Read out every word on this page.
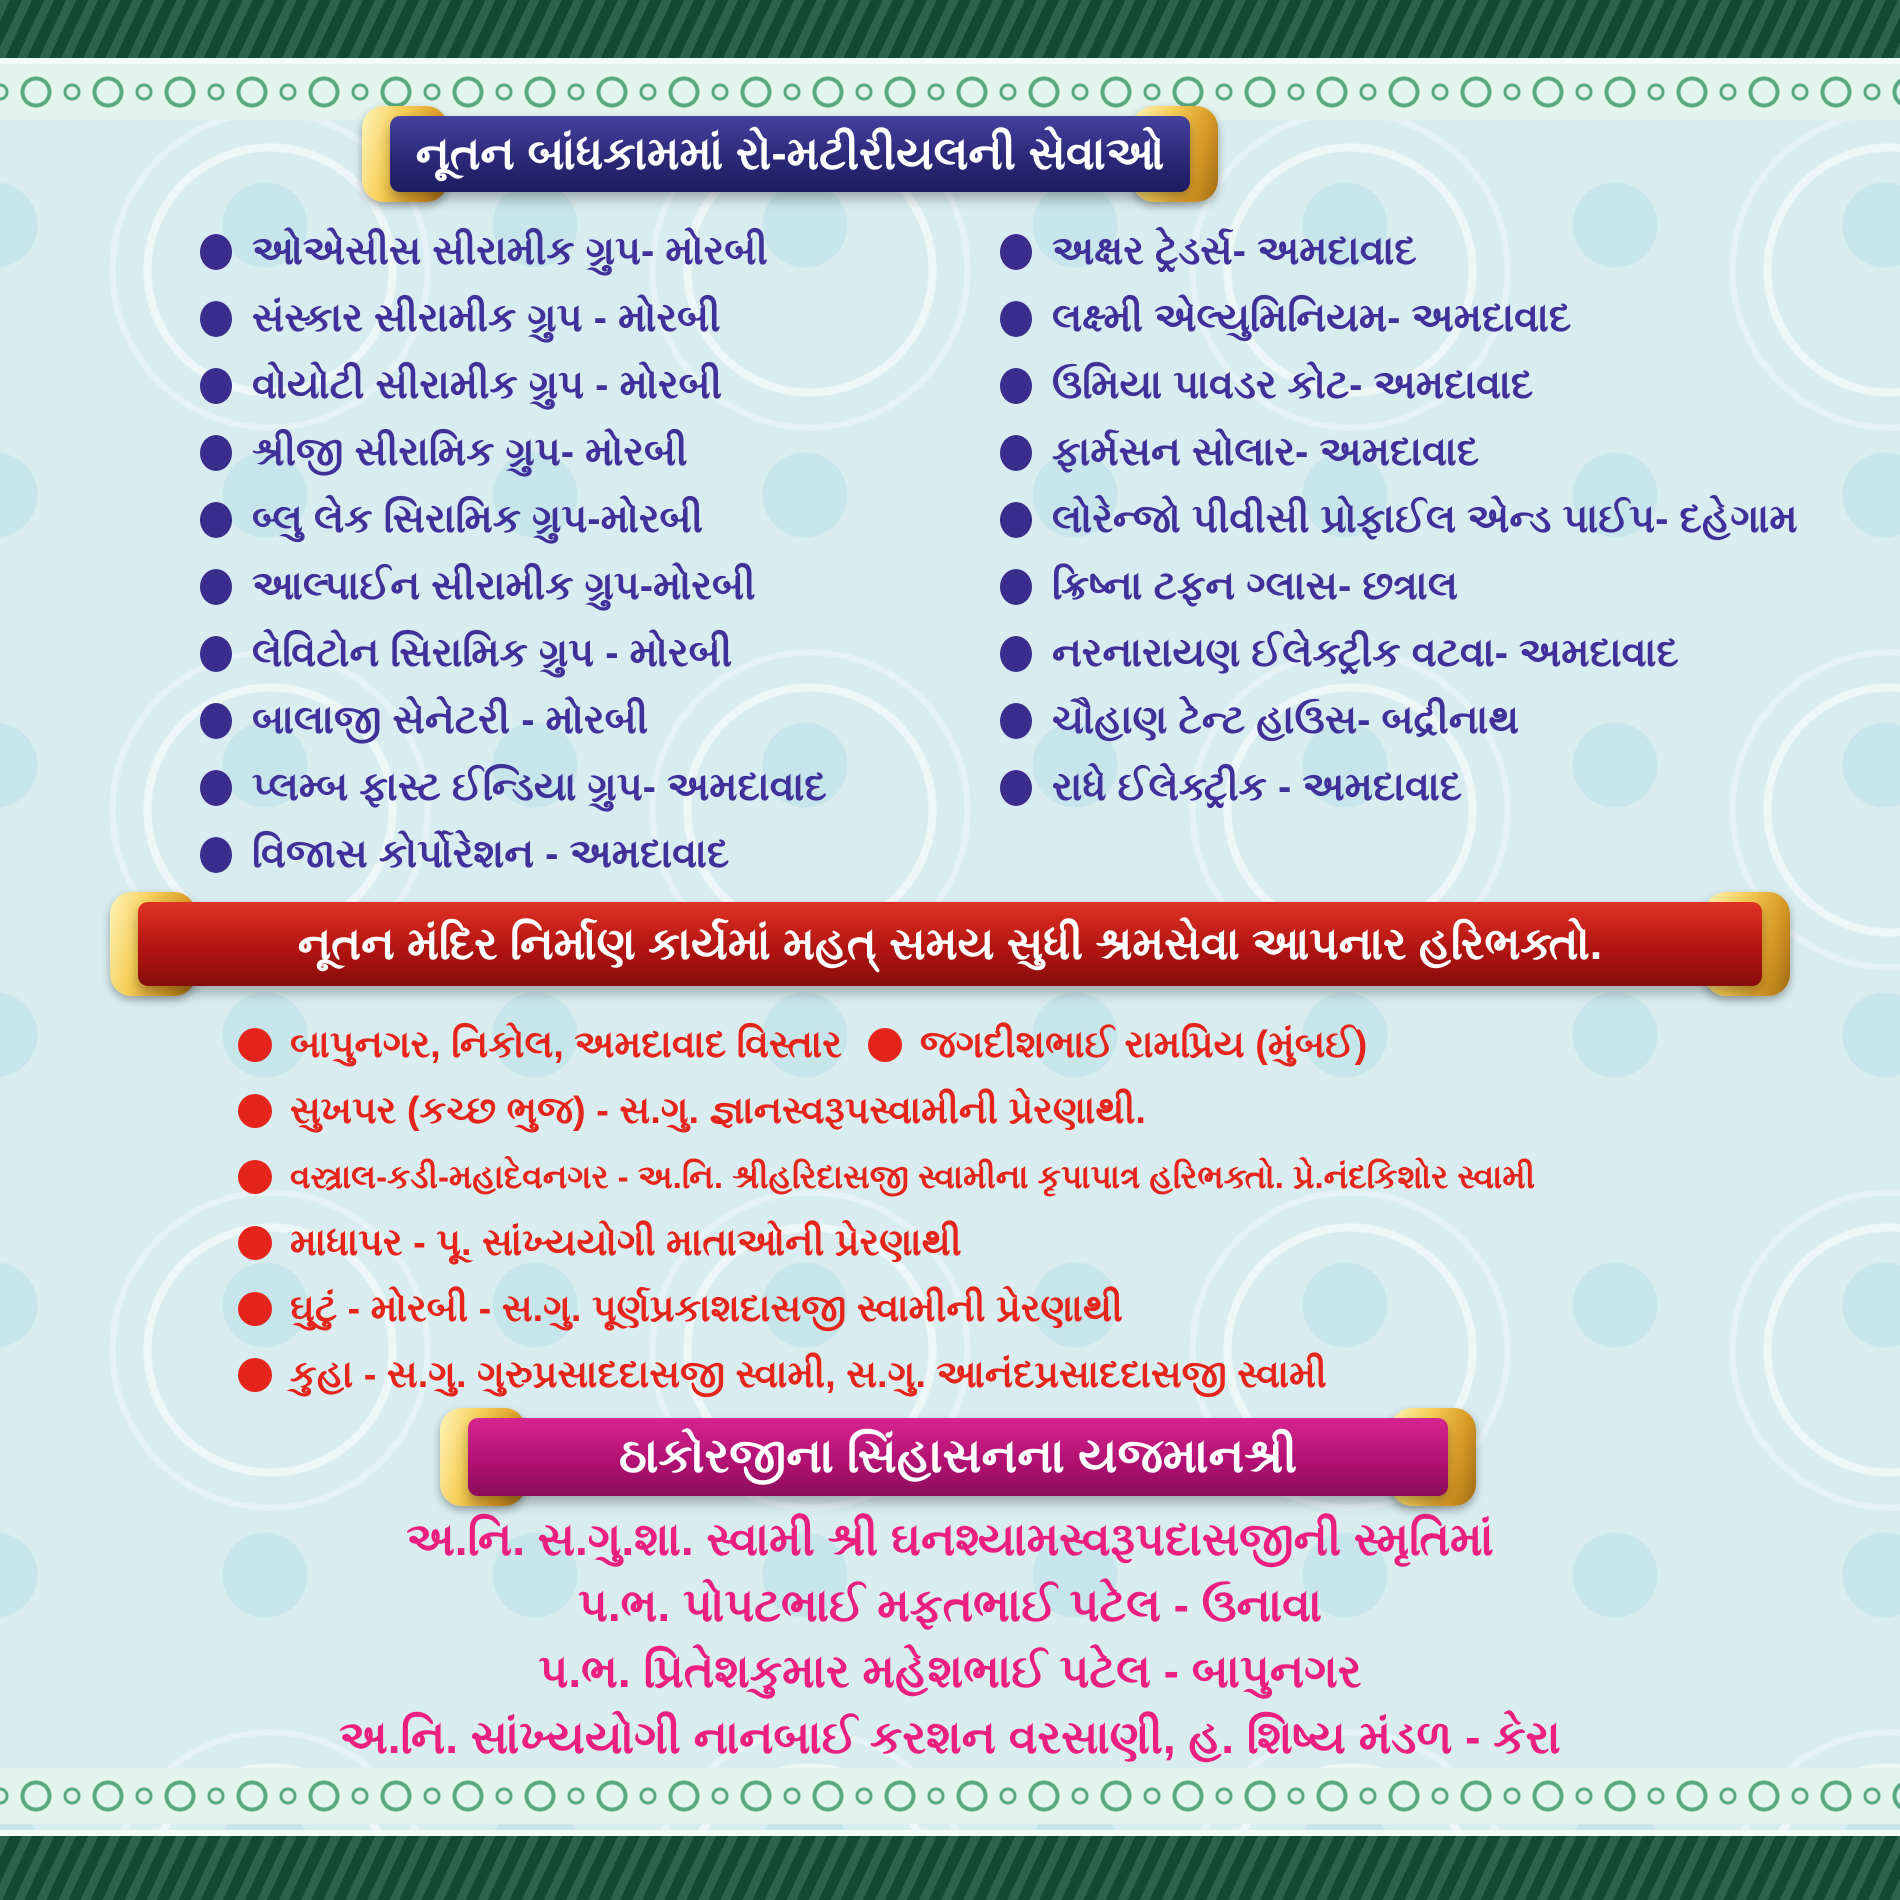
નૂતન બાંધકામમાં રો-મટીરીયલની સેવાઓ
ઓએસીસ સીરામીક ગ્રુપ- મોરબી
સંસ્કાર સીરામીક ગ્રુપ - મોરબી
વોયોટી સીરામીક ગ્રુપ - મોરબી
શ્રીજી સીરામિક ગ્રુપ- મોરબી
બ્લુ લેક સિરામિક ગ્રુપ-મોરબી
આલ્પાઈન સીરામીક ગ્રુપ-મોરબી
લેવિટોન સિરામિક ગ્રુપ - મોરબી
બાલાજી સેનેટરી - મોરબી
પ્લમ્બ ફાસ્ટ ઈન્ડિયા ગ્રુપ- અમદાવાદ
વિજાસ કોર્પોરેશન - અમદાવાદ
અક્ષર ટ્રેડર્સ- અમદાવાદ
લક્ષ્મી એલ્યુમિનિયમ- અમદાવાદ
ઉમિયા પાવડર કોટ- અમદાવાદ
ફાર્મસન સોલાર- અમદાવાદ
લોરેન્જો પીવીસી પ્રોફાઈલ એન્ડ પાઈપ- દહેગામ
ક્રિષ્ના ટફન ગ્લાસ- છત્રાલ
નરનારાયણ ઈલેક્ટ્રીક વટવા- અમદાવાદ
ચૌહાણ ટેન્ટ હાઉસ- બદ્રીનાથ
રાધે ઈલેક્ટ્રીક - અમદાવાદ
નૂતન મંદિર નિર્માણ કાર્યમાં મહત્ સમય સુધી શ્રમસેવા આપનાર હરિભક્તો.
બાપુનગર, નિકોલ, અમદાવાદ વિસ્તાર જગદીશભાઈ રામપ્રિય (મુંબઈ)
સુખપર (કચ્છ ભુજ) - સ.ગુ. જ્ઞાનસ્વરૂપસ્વામીની પ્રેરણાથી.
વસ્ત્રાલ-કડી-મહાદેવનગર - અ.નિ. શ્રીહરિદાસજી સ્વામીના કૃપાપાત્ર હરિભક્તો. પ્રે.નંદકિશોર સ્વામી
માધાપર - પૂ. સાંખ્યયોગી માતાઓની પ્રેરણાથી
ઘુટું - મોરબી - સ.ગુ. પૂર્ણપ્રકાશદાસજી સ્વામીની પ્રેરણાથી
કુહા - સ.ગુ. ગુરુપ્રસાદદાસજી સ્વામી, સ.ગુ. આનંદપ્રસાદદાસજી સ્વામી
ઠાકોરજીના સિંહાસનના યજમાનશ્રી
અ.નિ. સ.ગુ.શા. સ્વામી શ્રી ઘનશ્યામસ્વરૂપદાસજીની સ્મૃતિમાં
પ.ભ. પોપટભાઈ મફતભાઈ પટેલ - ઉનાવા
પ.ભ. પ્રિતેશકુમાર મહેશભાઈ પટેલ - બાપુનગર
અ.નિ. સાંખ્યયોગી નાનબાઈ કરશન વરસાણી, હ. શિષ્ય મંડળ - કેરા
